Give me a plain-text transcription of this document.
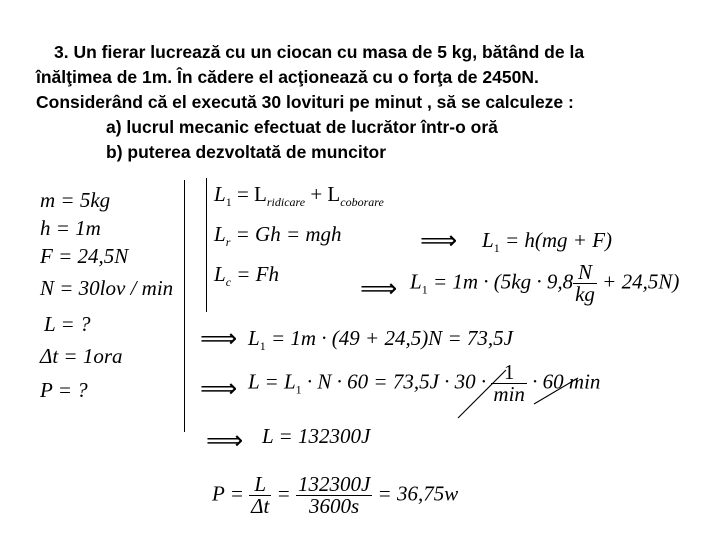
3. Un fierar lucrează cu un ciocan cu masa de 5 kg, bătând de la
înălţimea de 1m. În cădere el acţionează cu o forţa de 2450N.
Considerând că el execută 30 lovituri pe minut , să se calculeze :
a) lucrul mecanic efectuat de lucrător într-o oră
b) puterea dezvoltată de muncitor
m = 5kg
h = 1m
F = 24,5N
N = 30lov / min
L = ?
Δt = 1ora
P = ?
$L_1 = L_{ridicare} + L_{coborare}$
$L_r = Gh$ = mgh
$L_c = Fh$
⟹ $L_1 = h(mg + F)$
⟹ $L_1 = 1m \cdot (5kg \cdot 9,8 \frac{N}{kg} + 24,5N)$
⟹ $L_1 = 1m \cdot (49 + 24,5)N = 73,5J$
⟹ $L = L_1 \cdot N \cdot 60 = 73,5J \cdot 30 \cdot \frac{1}{\min} \cdot 60$ min
⟹ L = 132300J
$P = \frac{L}{\Delta t} = \frac{132300J}{3600s} = 36,75w$
